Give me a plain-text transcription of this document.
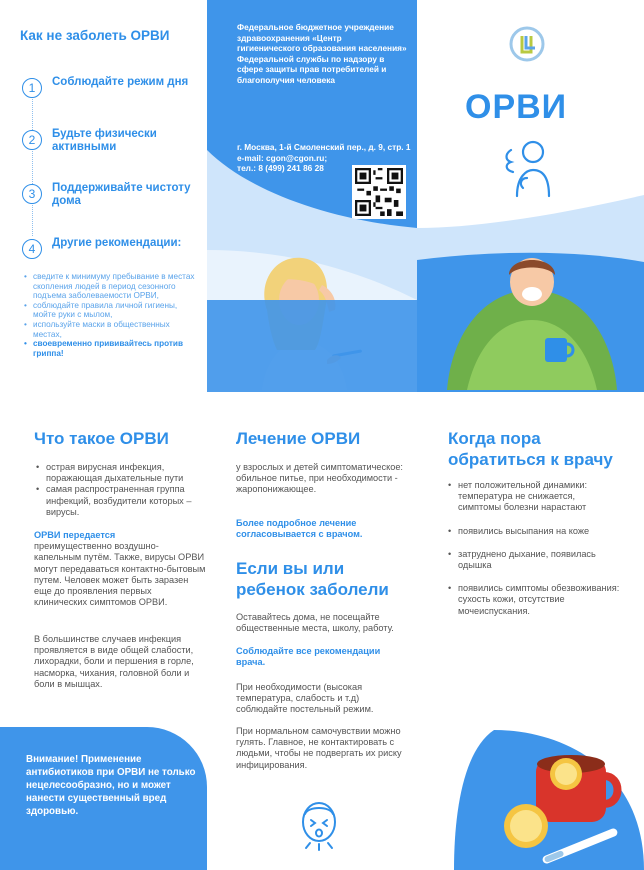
Как не заболеть ОРВИ
1	Соблюдайте режим дня
2	Будьте физически активными
3	Поддерживайте чистоту дома
4	Другие рекомендации:
• сведите к минимуму пребывание в местах скопления людей в период сезонного подъема заболеваемости ОРВИ,
• соблюдайте правила личной гигиены, мойте руки с мылом,
• используйте маски в общественных местах,
• своевременно прививайтесь против гриппа!
Федеральное бюджетное учреждение здравоохранения «Центр гигиенического образования населения» Федеральной службы по надзору в сфере защиты прав потребителей и благополучия человека
г. Москва, 1-й Смоленский пер., д. 9, стр. 1
e-mail: cgon@cgon.ru;
тел.: 8 (499) 241 86 28
ОРВИ
Что такое ОРВИ
• острая вирусная инфекция, поражающая дыхательные пути
• самая распространенная группа инфекций, возбудители которых – вирусы.
ОРВИ передается
преимущественно воздушно-капельным путём. Также, вирусы ОРВИ могут передаваться контактно-бытовым путем. Человек может быть заразен еще до проявления первых клинических симптомов ОРВИ.
В большинстве случаев инфекция проявляется в виде общей слабости, лихорадки, боли и першения в горле, насморка, чихания, головной боли и боли в мышцах.
Внимание! Применение антибиотиков при ОРВИ не только нецелесообразно, но и может нанести существенный вред здоровью.
Лечение ОРВИ
у взрослых и детей симптоматическое:
обильное питье, при необходимости - жаропонижающее.
Более подробное лечение согласовывается с врачом.
Если вы или ребенок заболели
Оставайтесь дома, не посещайте общественные места, школу, работу.
Соблюдайте все рекомендации врача.
При необходимости (высокая температура, слабость и т.д) соблюдайте постельный режим.
При нормальном самочувствии можно гулять. Главное, не контактировать с людьми, чтобы не подвергать их риску инфицирования.
Когда пора обратиться к врачу
• нет положительной динамики: температура не снижается, симптомы болезни нарастают
• появились высыпания на коже
• затруднено дыхание, появилась одышка
• появились симптомы обезвоживания: сухость кожи, отсутствие мочеиспускания.
